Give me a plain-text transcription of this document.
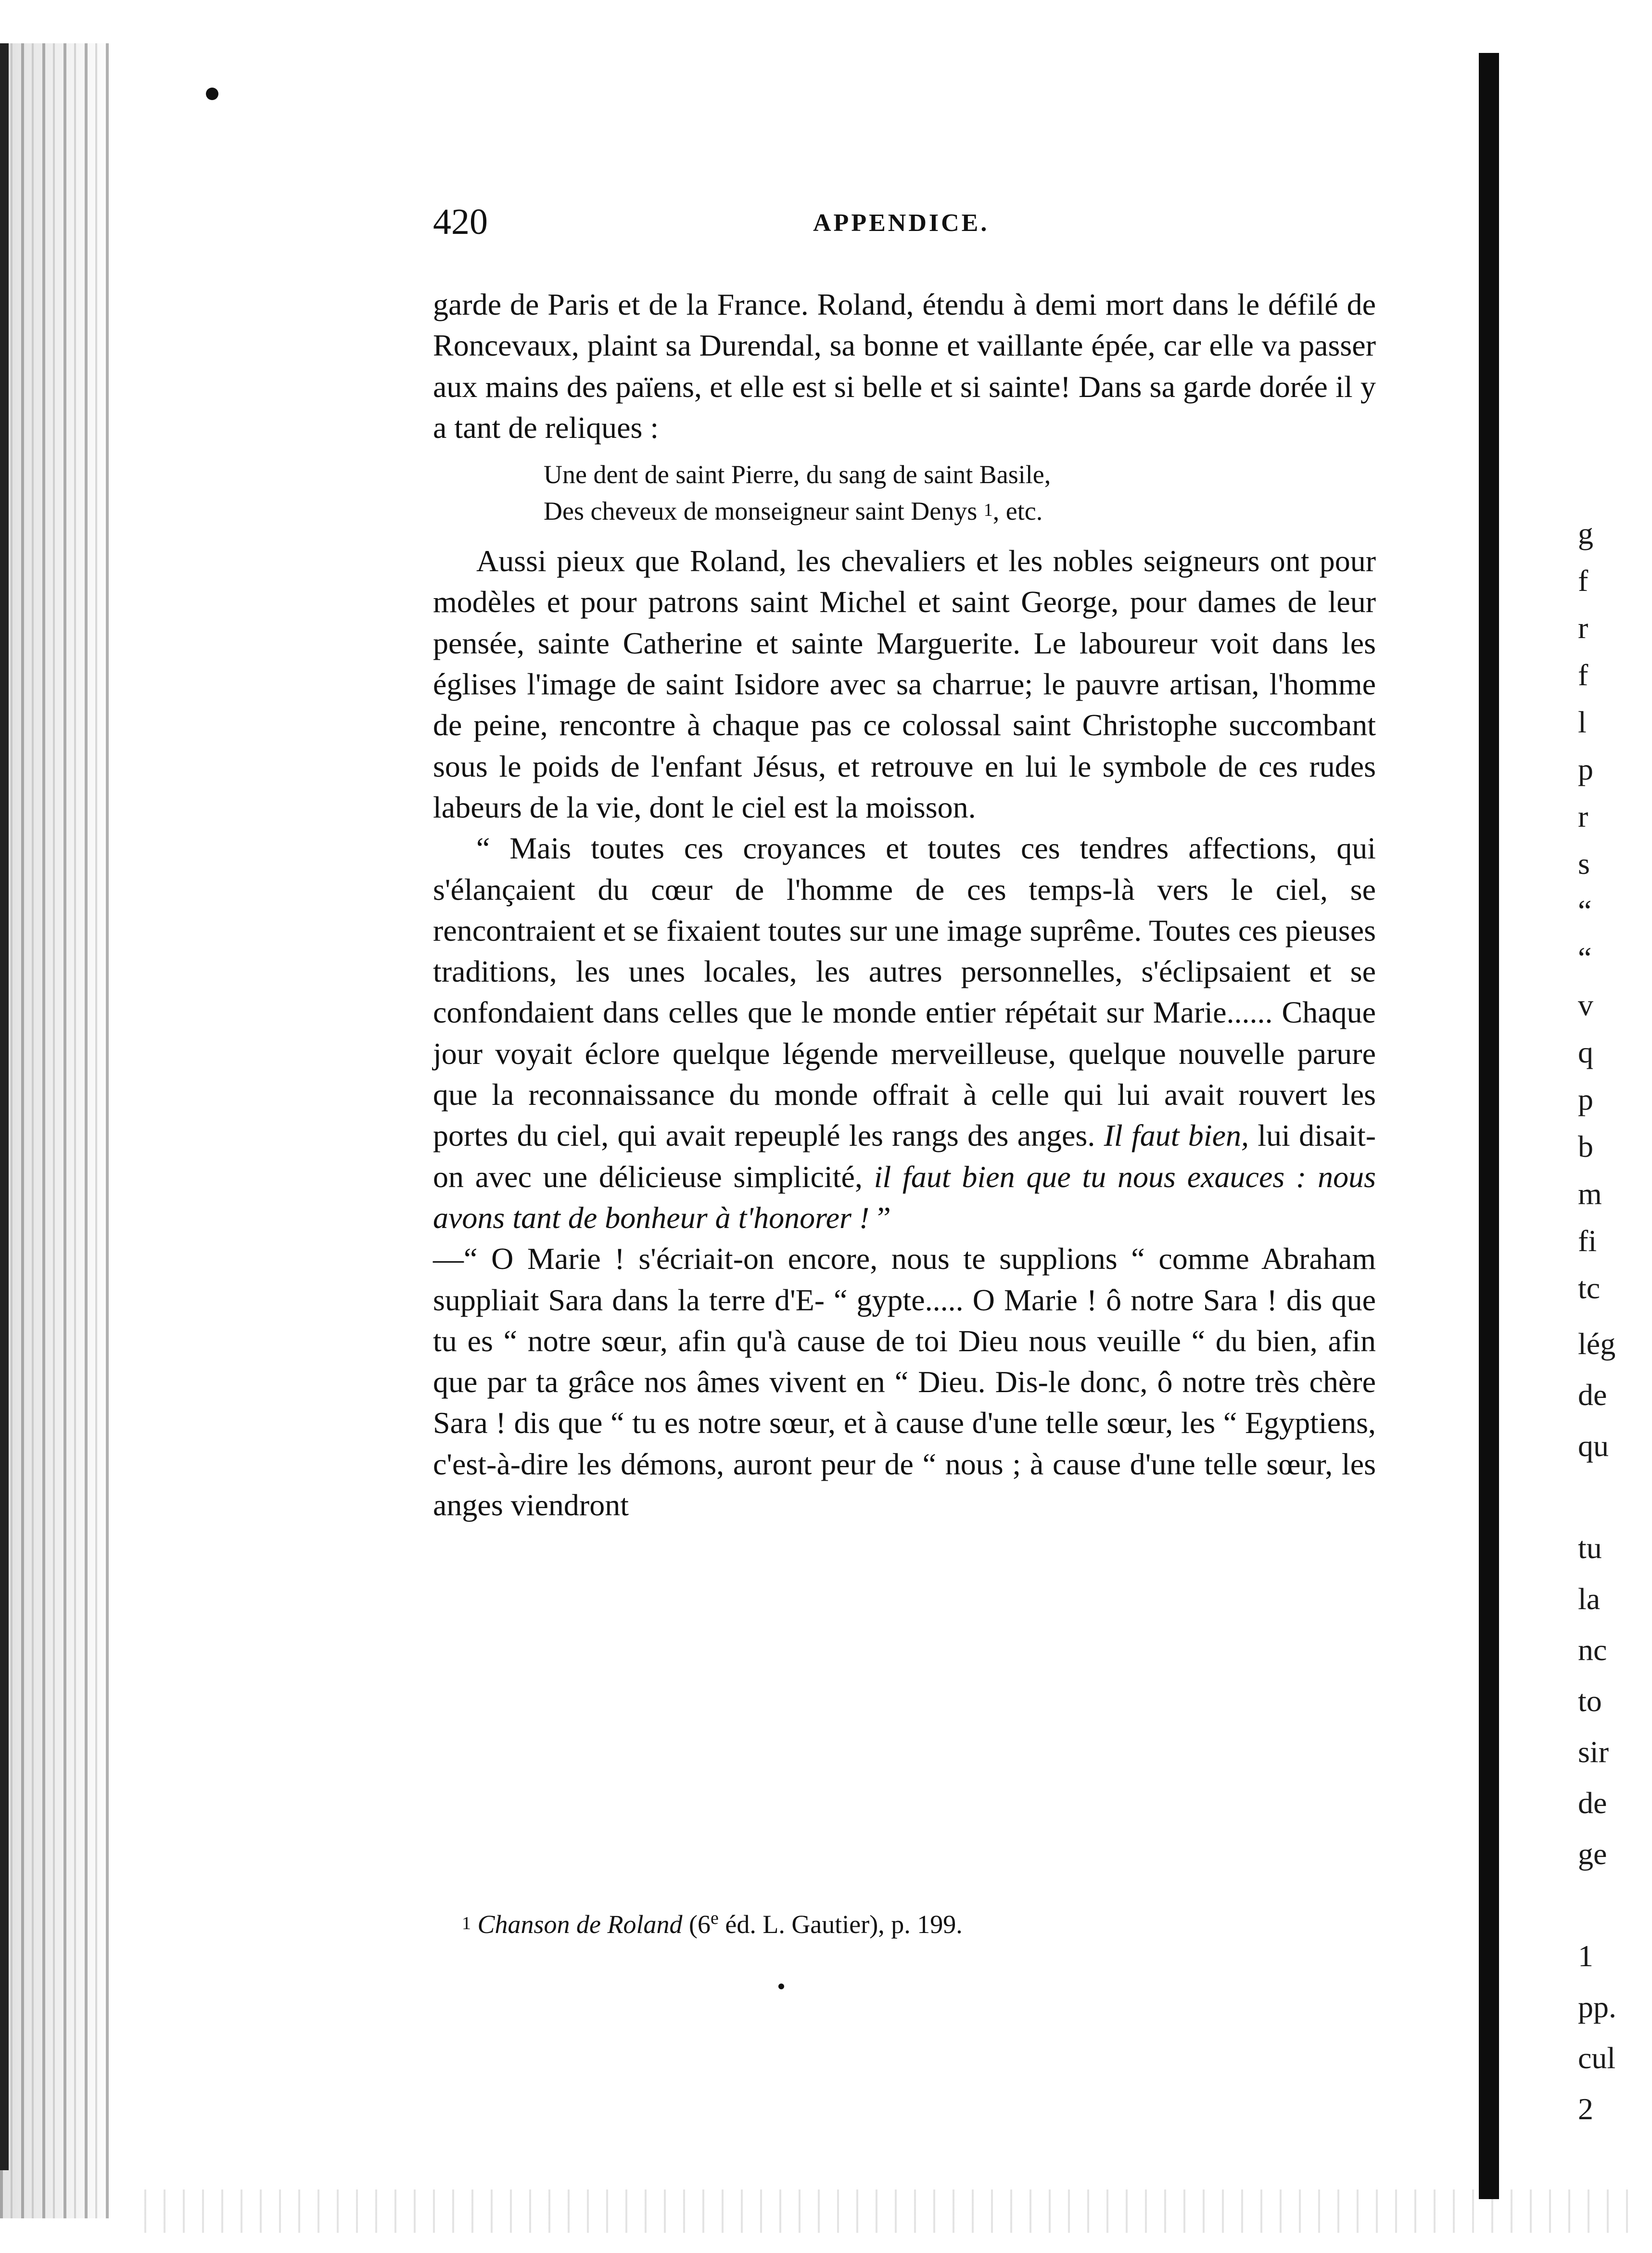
g
f
r
f
l
p
r
s
“
“
v
q
p
b
m
fi
tc
lég
de
qu
tu
la
nc
to
sir
de
ge
1
pp.
cul
2
420	APPENDICE.

garde de Paris et de la France. Roland, étendu à demi mort dans le défilé de Roncevaux, plaint sa Durendal, sa bonne et vaillante épée, car elle va passer aux mains des païens, et elle est si belle et si sainte! Dans sa garde dorée il y a tant de reliques :

Une dent de saint Pierre, du sang de saint Basile,
Des cheveux de monseigneur saint Denys 1, etc.

Aussi pieux que Roland, les chevaliers et les nobles seigneurs ont pour modèles et pour patrons saint Michel et saint George, pour dames de leur pensée, sainte Catherine et sainte Marguerite. Le laboureur voit dans les églises l'image de saint Isidore avec sa charrue; le pauvre artisan, l'homme de peine, rencontre à chaque pas ce colossal saint Christophe succombant sous le poids de l'enfant Jésus, et retrouve en lui le symbole de ces rudes labeurs de la vie, dont le ciel est la moisson.

“ Mais toutes ces croyances et toutes ces tendres affections, qui s'élançaient du cœur de l'homme de ces temps-là vers le ciel, se rencontraient et se fixaient toutes sur une image suprême. Toutes ces pieuses traditions, les unes locales, les autres personnelles, s'éclipsaient et se confondaient dans celles que le monde entier répétait sur Marie...... Chaque jour voyait éclore quelque légende merveilleuse, quelque nouvelle parure que la reconnaissance du monde offrait à celle qui lui avait rouvert les portes du ciel, qui avait repeuplé les rangs des anges. Il faut bien, lui disait-on avec une délicieuse simplicité, il faut bien que tu nous exauces : nous avons tant de bonheur à t'honorer ! ”

—“ O Marie ! s'écriait-on encore, nous te supplions “ comme Abraham suppliait Sara dans la terre d'E- “ gypte..... O Marie ! ô notre Sara ! dis que tu es “ notre sœur, afin qu'à cause de toi Dieu nous veuille “ du bien, afin que par ta grâce nos âmes vivent en “ Dieu. Dis-le donc, ô notre très chère Sara ! dis que “ tu es notre sœur, et à cause d'une telle sœur, les “ Egyptiens, c'est-à-dire les démons, auront peur de “ nous ; à cause d'une telle sœur, les anges viendront

1 Chanson de Roland (6e éd. L. Gautier), p. 199.
